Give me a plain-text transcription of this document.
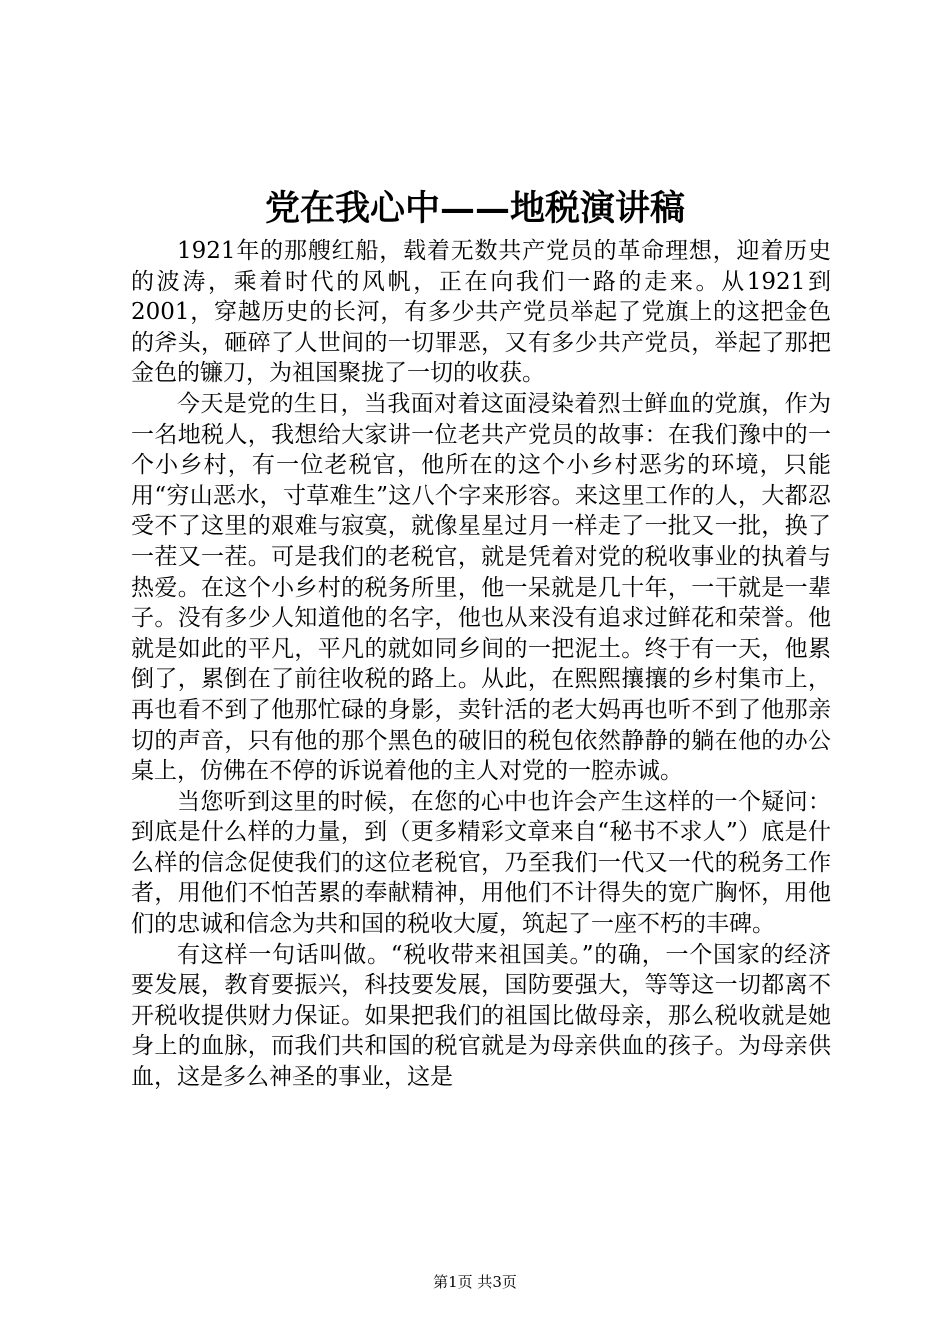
党在我心中——地税演讲稿

1921年的那艘红船，载着无数共产党员的革命理想，迎着历史的波涛，乘着时代的风帆，正在向我们一路的走来。从1921到2001，穿越历史的长河，有多少共产党员举起了党旗上的这把金色的斧头，砸碎了人世间的一切罪恶，又有多少共产党员，举起了那把金色的镰刀，为祖国聚拢了一切的收获。

今天是党的生日，当我面对着这面浸染着烈士鲜血的党旗，作为一名地税人，我想给大家讲一位老共产党员的故事：在我们豫中的一个小乡村，有一位老税官，他所在的这个小乡村恶劣的环境，只能用“穷山恶水，寸草难生”这八个字来形容。来这里工作的人，大都忍受不了这里的艰难与寂寞，就像星星过月一样走了一批又一批，换了一茬又一茬。可是我们的老税官，就是凭着对党的税收事业的执着与热爱。在这个小乡村的税务所里，他一呆就是几十年，一干就是一辈子。没有多少人知道他的名字，他也从来没有追求过鲜花和荣誉。他就是如此的平凡，平凡的就如同乡间的一把泥土。终于有一天，他累倒了，累倒在了前往收税的路上。从此，在熙熙攘攘的乡村集市上，再也看不到了他那忙碌的身影，卖针活的老大妈再也听不到了他那亲切的声音，只有他的那个黑色的破旧的税包依然静静的躺在他的办公桌上，仿佛在不停的诉说着他的主人对党的一腔赤诚。

当您听到这里的时候，在您的心中也许会产生这样的一个疑问：到底是什么样的力量，到（更多精彩文章来自“秘书不求人”）底是什么样的信念促使我们的这位老税官，乃至我们一代又一代的税务工作者，用他们不怕苦累的奉献精神，用他们不计得失的宽广胸怀，用他们的忠诚和信念为共和国的税收大厦，筑起了一座不朽的丰碑。

有这样一句话叫做。“税收带来祖国美。”的确，一个国家的经济要发展，教育要振兴，科技要发展，国防要强大，等等这一切都离不开税收提供财力保证。如果把我们的祖国比做母亲，那么税收就是她身上的血脉，而我们共和国的税官就是为母亲供血的孩子。为母亲供血，这是多么神圣的事业，这是

第1页 共3页
